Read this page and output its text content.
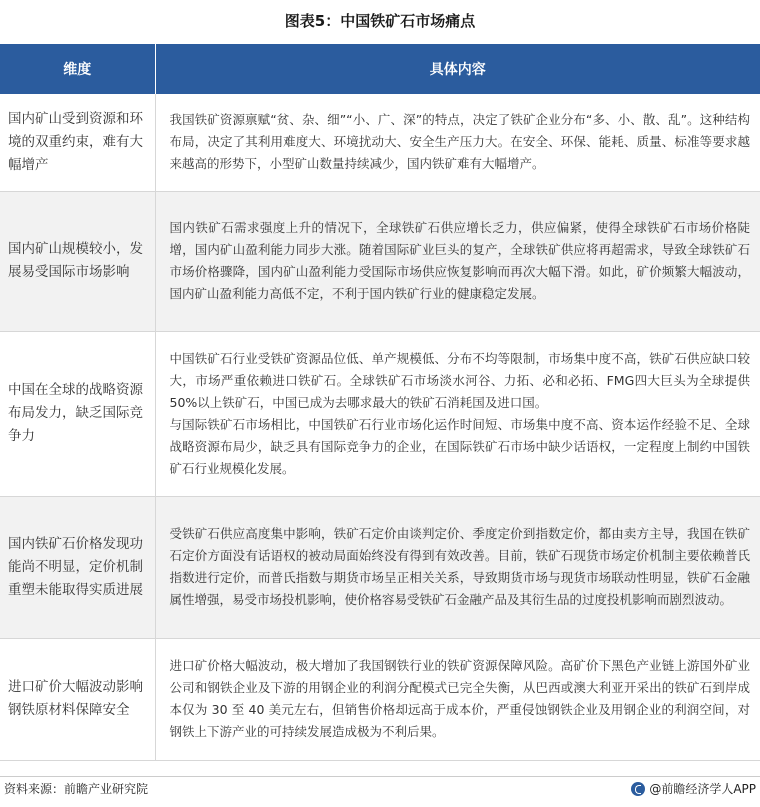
图表5：中国铁矿石市场痛点
维度	具体内容
国内矿山受到资源和环境的双重约束，难有大幅增产	我国铁矿资源禀赋“贫、杂、细”“小、广、深”的特点，决定了铁矿企业分布“多、小、散、乱”。这种结构布局，决定了其利用难度大、环境扰动大、安全生产压力大。在安全、环保、能耗、质量、标准等要求越来越高的形势下，小型矿山数量持续减少，国内铁矿难有大幅增产。

国内矿山规模较小，发展易受国际市场影响	国内铁矿石需求强度上升的情况下，全球铁矿石供应增长乏力，供应偏紧，使得全球铁矿石市场价格陡增，国内矿山盈利能力同步大涨。随着国际矿业巨头的复产，全球铁矿供应将再超需求，导致全球铁矿石市场价格骤降，国内矿山盈利能力受国际市场供应恢复影响而再次大幅下滑。如此，矿价频繁大幅波动，国内矿山盈利能力高低不定，不利于国内铁矿行业的健康稳定发展。

中国在全球的战略资源布局发力，缺乏国际竞争力	中国铁矿石行业受铁矿资源品位低、单产规模低、分布不均等限制，市场集中度不高，铁矿石供应缺口较大，市场严重依赖进口铁矿石。全球铁矿石市场淡水河谷、力拓、必和必拓、FMG四大巨头为全球提供 50%以上铁矿石，中国已成为去哪求最大的铁矿石消耗国及进口国。

与国际铁矿石市场相比，中国铁矿石行业市场化运作时间短、市场集中度不高、资本运作经验不足、全球战略资源布局少，缺乏具有国际竞争力的企业，在国际铁矿石市场中缺少话语权，一定程度上制约中国铁矿石行业规模化发展。

国内铁矿石价格发现功能尚不明显，定价机制重塑未能取得实质进展	受铁矿石供应高度集中影响，铁矿石定价由谈判定价、季度定价到指数定价，都由卖方主导，我国在铁矿石定价方面没有话语权的被动局面始终没有得到有效改善。目前，铁矿石现货市场定价机制主要依赖普氏指数进行定价，而普氏指数与期货市场呈正相关关系，导致期货市场与现货市场联动性明显，铁矿石金融属性增强，易受市场投机影响，使价格容易受铁矿石金融产品及其衍生品的过度投机影响而剧烈波动。

进口矿价大幅波动影响钢铁原材料保障安全	进口矿价格大幅波动，极大增加了我国钢铁行业的铁矿资源保障风险。高矿价下黑色产业链上游国外矿业公司和钢铁企业及下游的用钢企业的利润分配模式已完全失衡，从巴西或澳大利亚开采出的铁矿石到岸成本仅为 30 至 40 美元左右，但销售价格却远高于成本价，严重侵蚀钢铁企业及用钢企业的利润空间，对钢铁上下游产业的可持续发展造成极为不利后果。

资料来源：前瞻产业研究院	@前瞻经济学人APP
